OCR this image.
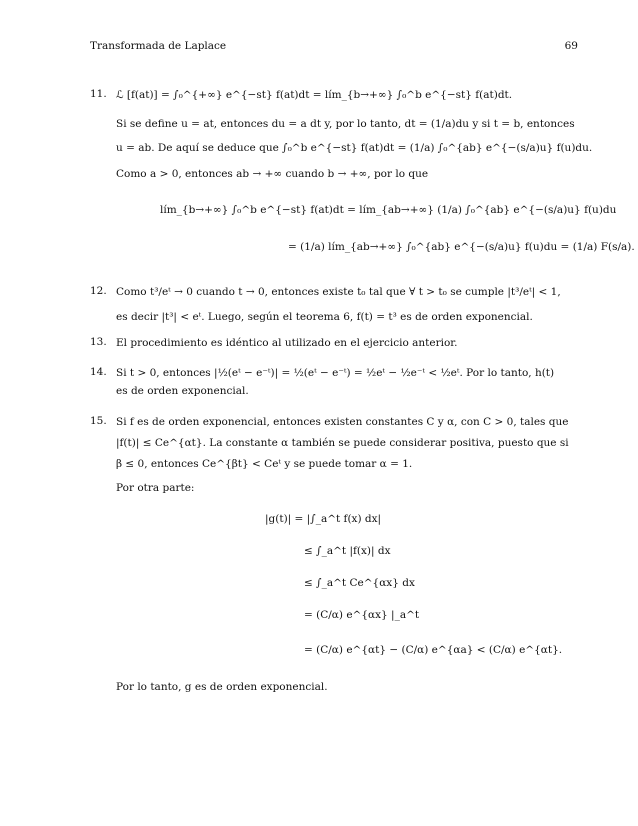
Transformada de Laplace	69
11. ℒ [f(at)] = ∫₀^{+∞} e^{−st} f(at)dt = lím_{b→+∞} ∫₀^b e^{−st} f(at)dt.
Si se define u = at, entonces du = a dt y, por lo tanto, dt = (1/a)du y si t = b, entonces
u = ab. De aquí se deduce que ∫₀^b e^{−st} f(at)dt = (1/a) ∫₀^{ab} e^{−(s/a)u} f(u)du.
Como a > 0, entonces ab → +∞ cuando b → +∞, por lo que
lím_{b→+∞} ∫₀^b e^{−st} f(at)dt = lím_{ab→+∞} (1/a) ∫₀^{ab} e^{−(s/a)u} f(u)du
= (1/a) lím_{ab→+∞} ∫₀^{ab} e^{−(s/a)u} f(u)du = (1/a) F(s/a).
12. Como t³/eᵗ → 0 cuando t → 0, entonces existe t₀ tal que ∀ t > t₀ se cumple |t³/eᵗ| < 1,
es decir |t³| < eᵗ. Luego, según el teorema 6, f(t) = t³ es de orden exponencial.
13. El procedimiento es idéntico al utilizado en el ejercicio anterior.
14. Si t > 0, entonces |½(eᵗ − e⁻ᵗ)| = ½(eᵗ − e⁻ᵗ) = ½eᵗ − ½e⁻ᵗ < ½eᵗ. Por lo tanto, h(t)
es de orden exponencial.
15. Si f es de orden exponencial, entonces existen constantes C y α, con C > 0, tales que
|f(t)| ≤ Ce^{αt}. La constante α también se puede considerar positiva, puesto que si
β ≤ 0, entonces Ce^{βt} < Ceᵗ y se puede tomar α = 1.
Por otra parte:
|g(t)| = |∫_a^t f(x) dx|
≤ ∫_a^t |f(x)| dx
≤ ∫_a^t Ce^{αx} dx
= (C/α) e^{αx} |_a^t
= (C/α) e^{αt} − (C/α) e^{αa} < (C/α) e^{αt}.
Por lo tanto, g es de orden exponencial.
